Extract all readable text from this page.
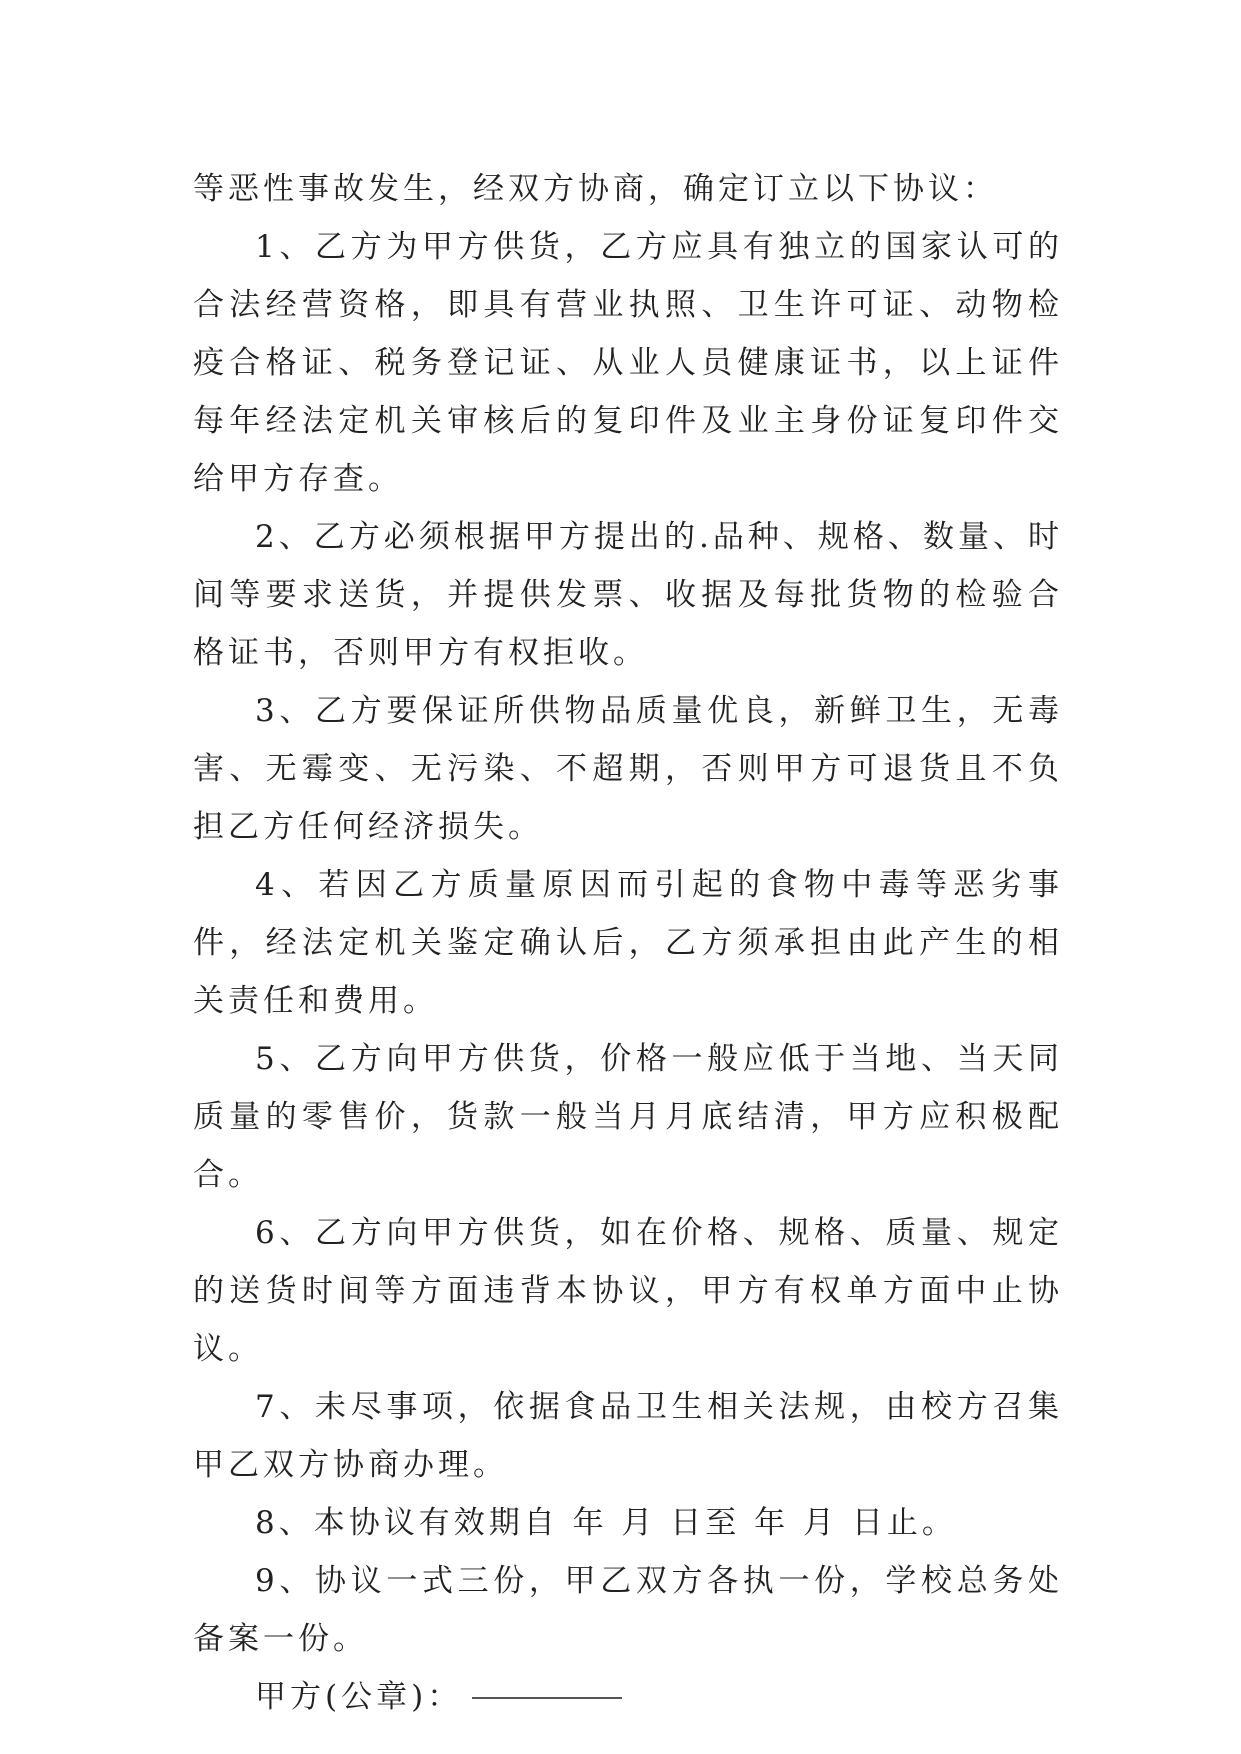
等恶性事故发生，经双方协商，确定订立以下协议：

1、乙方为甲方供货，乙方应具有独立的国家认可的合法经营资格，即具有营业执照、卫生许可证、动物检疫合格证、税务登记证、从业人员健康证书，以上证件每年经法定机关审核后的复印件及业主身份证复印件交给甲方存查。

2、乙方必须根据甲方提出的.品种、规格、数量、时间等要求送货，并提供发票、收据及每批货物的检验合格证书，否则甲方有权拒收。

3、乙方要保证所供物品质量优良，新鲜卫生，无毒害、无霉变、无污染、不超期，否则甲方可退货且不负担乙方任何经济损失。

4、若因乙方质量原因而引起的食物中毒等恶劣事件，经法定机关鉴定确认后，乙方须承担由此产生的相关责任和费用。

5、乙方向甲方供货，价格一般应低于当地、当天同质量的零售价，货款一般当月月底结清，甲方应积极配合。

6、乙方向甲方供货，如在价格、规格、质量、规定的送货时间等方面违背本协议，甲方有权单方面中止协议。

7、未尽事项，依据食品卫生相关法规，由校方召集甲乙双方协商办理。

8、本协议有效期自 年 月 日至 年 月 日止。

9、协议一式三份，甲乙双方各执一份，学校总务处备案一份。

甲方(公章)：
